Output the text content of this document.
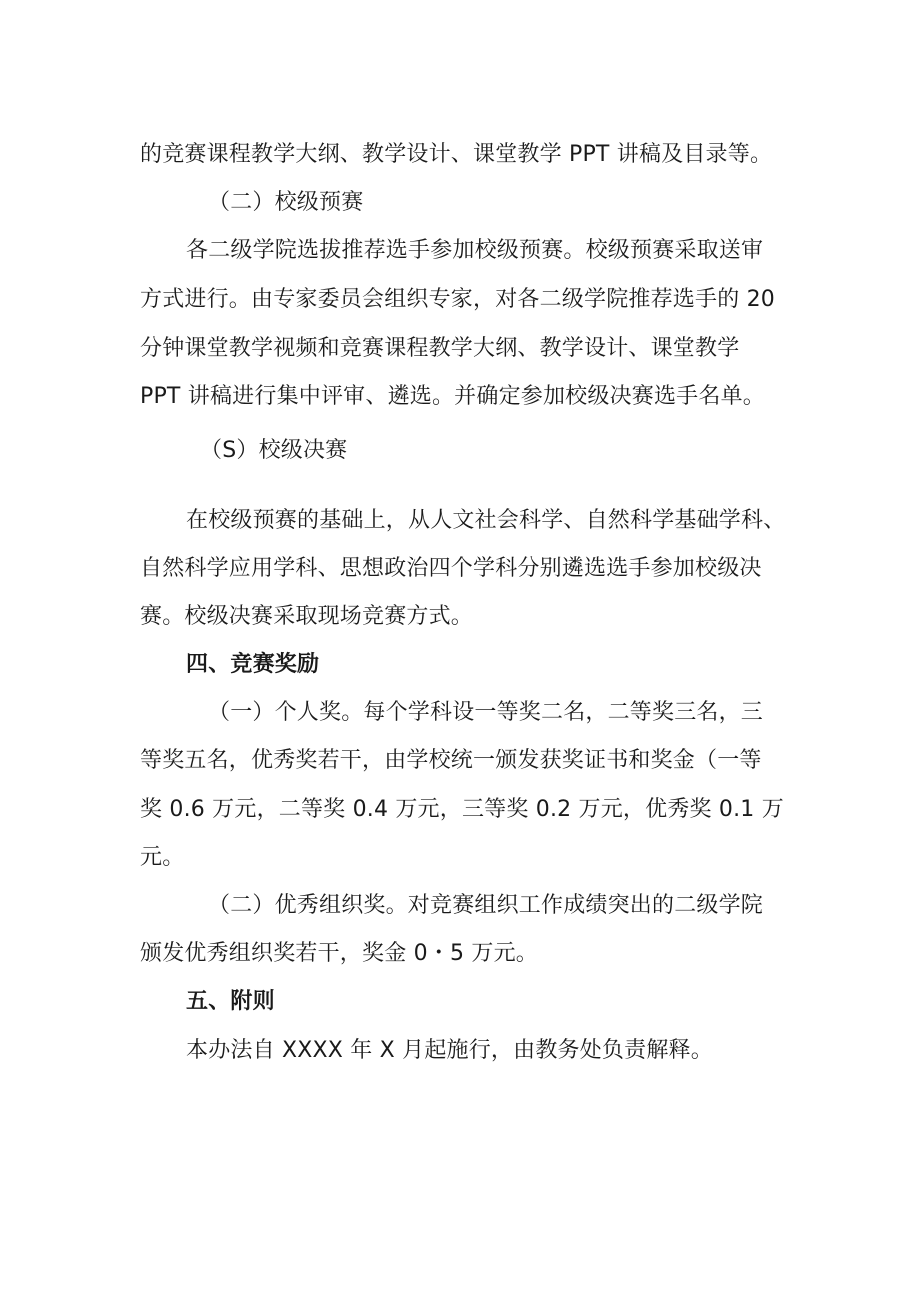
的竞赛课程教学大纲、教学设计、课堂教学 PPT 讲稿及目录等。
（二）校级预赛
各二级学院选拔推荐选手参加校级预赛。校级预赛采取送审
方式进行。由专家委员会组织专家，对各二级学院推荐选手的 20
分钟课堂教学视频和竞赛课程教学大纲、教学设计、课堂教学
PPT 讲稿进行集中评审、遴选。并确定参加校级决赛选手名单。
（S）校级决赛
在校级预赛的基础上，从人文社会科学、自然科学基础学科、
自然科学应用学科、思想政治四个学科分别遴选选手参加校级决
赛。校级决赛采取现场竞赛方式。
四、竞赛奖励
（一）个人奖。每个学科设一等奖二名，二等奖三名，三
等奖五名，优秀奖若干，由学校统一颁发获奖证书和奖金（一等
奖 0.6 万元，二等奖 0.4 万元，三等奖 0.2 万元，优秀奖 0.1 万
元。
（二）优秀组织奖。对竞赛组织工作成绩突出的二级学院
颁发优秀组织奖若干，奖金 0・5 万元。
五、附则
本办法自 XXXX 年 X 月起施行，由教务处负责解释。
